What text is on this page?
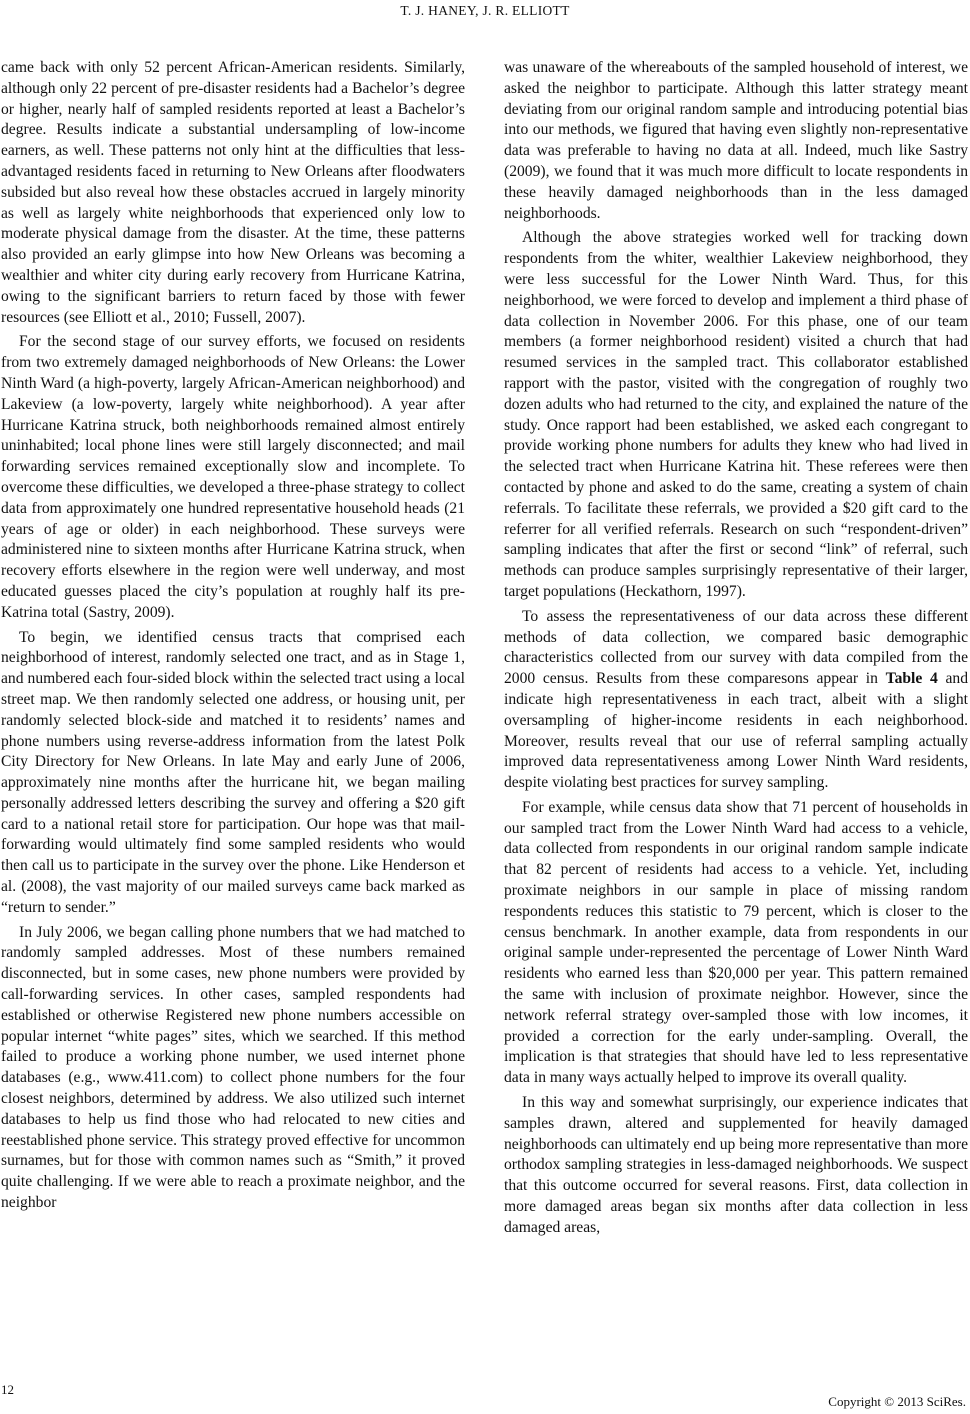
T. J. HANEY, J. R. ELLIOTT

came back with only 52 percent African-American residents. Similarly, although only 22 percent of pre-disaster residents had a Bachelor’s degree or higher, nearly half of sampled residents reported at least a Bachelor’s degree. Results indicate a substantial undersampling of low-income earners, as well. These patterns not only hint at the difficulties that less-advantaged residents faced in returning to New Orleans after floodwaters subsided but also reveal how these obstacles accrued in largely minority as well as largely white neighborhoods that experienced only low to moderate physical damage from the disaster. At the time, these patterns also provided an early glimpse into how New Orleans was becoming a wealthier and whiter city during early recovery from Hurricane Katrina, owing to the significant barriers to return faced by those with fewer resources (see Elliott et al., 2010; Fussell, 2007).

For the second stage of our survey efforts, we focused on residents from two extremely damaged neighborhoods of New Orleans: the Lower Ninth Ward (a high-poverty, largely African-American neighborhood) and Lakeview (a low-poverty, largely white neighborhood). A year after Hurricane Katrina struck, both neighborhoods remained almost entirely uninhabited; local phone lines were still largely disconnected; and mail forwarding services remained exceptionally slow and incomplete. To overcome these difficulties, we developed a three-phase strategy to collect data from approximately one hundred representative household heads (21 years of age or older) in each neighborhood. These surveys were administered nine to sixteen months after Hurricane Katrina struck, when recovery efforts elsewhere in the region were well underway, and most educated guesses placed the city’s population at roughly half its pre-Katrina total (Sastry, 2009).

To begin, we identified census tracts that comprised each neighborhood of interest, randomly selected one tract, and as in Stage 1, and numbered each four-sided block within the selected tract using a local street map. We then randomly selected one address, or housing unit, per randomly selected block-side and matched it to residents’ names and phone numbers using reverse-address information from the latest Polk City Directory for New Orleans. In late May and early June of 2006, approximately nine months after the hurricane hit, we began mailing personally addressed letters describing the survey and offering a $20 gift card to a national retail store for participation. Our hope was that mail-forwarding would ultimately find some sampled residents who would then call us to participate in the survey over the phone. Like Henderson et al. (2008), the vast majority of our mailed surveys came back marked as “return to sender.”

In July 2006, we began calling phone numbers that we had matched to randomly sampled addresses. Most of these numbers remained disconnected, but in some cases, new phone numbers were provided by call-forwarding services. In other cases, sampled respondents had established or otherwise Registered new phone numbers accessible on popular internet “white pages” sites, which we searched. If this method failed to produce a working phone number, we used internet phone databases (e.g., www.411.com) to collect phone numbers for the four closest neighbors, determined by address. We also utilized such internet databases to help us find those who had relocated to new cities and reestablished phone service. This strategy proved effective for uncommon surnames, but for those with common names such as “Smith,” it proved quite challenging. If we were able to reach a proximate neighbor, and the neighbor

was unaware of the whereabouts of the sampled household of interest, we asked the neighbor to participate. Although this latter strategy meant deviating from our original random sample and introducing potential bias into our methods, we figured that having even slightly non-representative data was preferable to having no data at all. Indeed, much like Sastry (2009), we found that it was much more difficult to locate respondents in these heavily damaged neighborhoods than in the less damaged neighborhoods.

Although the above strategies worked well for tracking down respondents from the whiter, wealthier Lakeview neighborhood, they were less successful for the Lower Ninth Ward. Thus, for this neighborhood, we were forced to develop and implement a third phase of data collection in November 2006. For this phase, one of our team members (a former neighborhood resident) visited a church that had resumed services in the sampled tract. This collaborator established rapport with the pastor, visited with the congregation of roughly two dozen adults who had returned to the city, and explained the nature of the study. Once rapport had been established, we asked each congregant to provide working phone numbers for adults they knew who had lived in the selected tract when Hurricane Katrina hit. These referees were then contacted by phone and asked to do the same, creating a system of chain referrals. To facilitate these referrals, we provided a $20 gift card to the referrer for all verified referrals. Research on such “respondent-driven” sampling indicates that after the first or second “link” of referral, such methods can produce samples surprisingly representative of their larger, target populations (Heckathorn, 1997).

To assess the representativeness of our data across these different methods of data collection, we compared basic demographic characteristics collected from our survey with data compiled from the 2000 census. Results from these comparesons appear in Table 4 and indicate high representativeness in each tract, albeit with a slight oversampling of higher-income residents in each neighborhood. Moreover, results reveal that our use of referral sampling actually improved data representativeness among Lower Ninth Ward residents, despite violating best practices for survey sampling.

For example, while census data show that 71 percent of households in our sampled tract from the Lower Ninth Ward had access to a vehicle, data collected from respondents in our original random sample indicate that 82 percent of residents had access to a vehicle. Yet, including proximate neighbors in our sample in place of missing random respondents reduces this statistic to 79 percent, which is closer to the census benchmark. In another example, data from respondents in our original sample under-represented the percentage of Lower Ninth Ward residents who earned less than $20,000 per year. This pattern remained the same with inclusion of proximate neighbor. However, since the network referral strategy over-sampled those with low incomes, it provided a correction for the early under-sampling. Overall, the implication is that strategies that should have led to less representative data in many ways actually helped to improve its overall quality.

In this way and somewhat surprisingly, our experience indicates that samples drawn, altered and supplemented for heavily damaged neighborhoods can ultimately end up being more representative than more orthodox sampling strategies in less-damaged neighborhoods. We suspect that this outcome occurred for several reasons. First, data collection in more damaged areas began six months after data collection in less damaged areas,

12
Copyright © 2013 SciRes.
